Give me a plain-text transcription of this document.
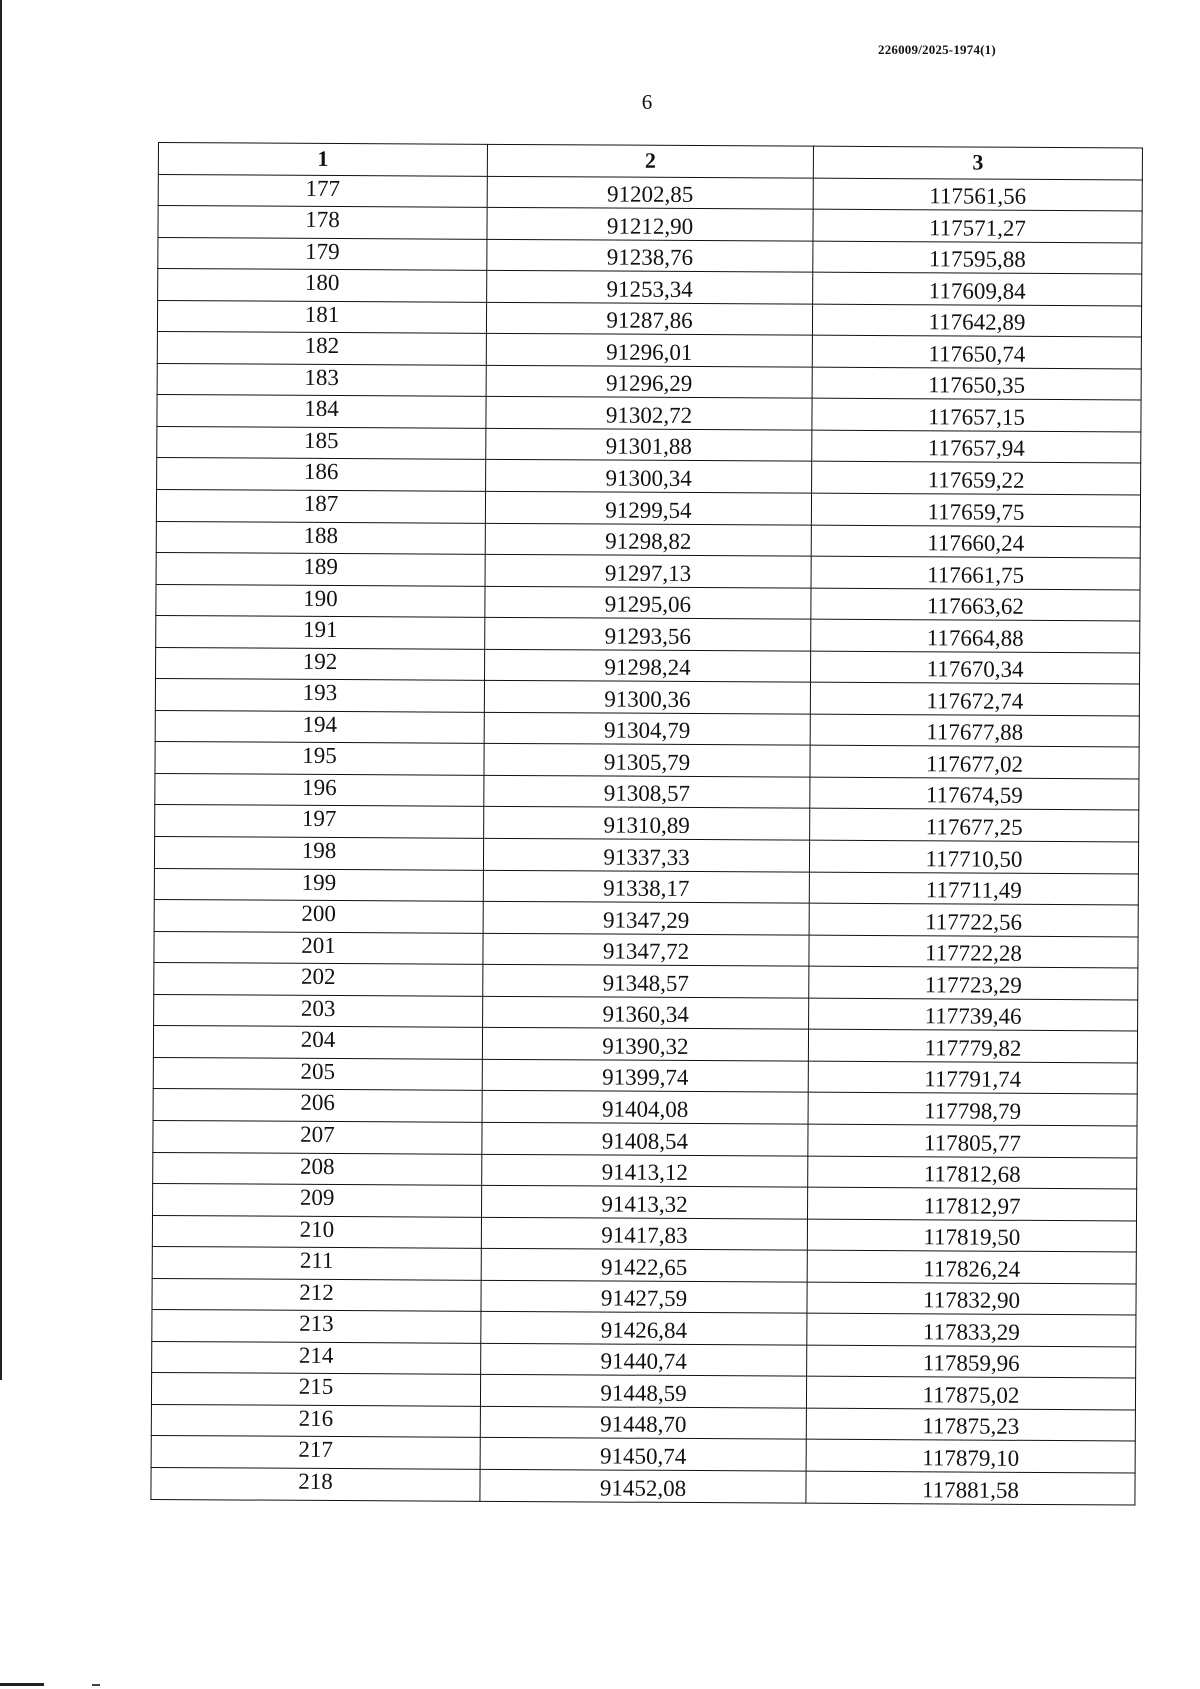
226009/2025-1974(1)
6
1	2	3
177	91202,85	117561,56
178	91212,90	117571,27
179	91238,76	117595,88
180	91253,34	117609,84
181	91287,86	117642,89
182	91296,01	117650,74
183	91296,29	117650,35
184	91302,72	117657,15
185	91301,88	117657,94
186	91300,34	117659,22
187	91299,54	117659,75
188	91298,82	117660,24
189	91297,13	117661,75
190	91295,06	117663,62
191	91293,56	117664,88
192	91298,24	117670,34
193	91300,36	117672,74
194	91304,79	117677,88
195	91305,79	117677,02
196	91308,57	117674,59
197	91310,89	117677,25
198	91337,33	117710,50
199	91338,17	117711,49
200	91347,29	117722,56
201	91347,72	117722,28
202	91348,57	117723,29
203	91360,34	117739,46
204	91390,32	117779,82
205	91399,74	117791,74
206	91404,08	117798,79
207	91408,54	117805,77
208	91413,12	117812,68
209	91413,32	117812,97
210	91417,83	117819,50
211	91422,65	117826,24
212	91427,59	117832,90
213	91426,84	117833,29
214	91440,74	117859,96
215	91448,59	117875,02
216	91448,70	117875,23
217	91450,74	117879,10
218	91452,08	117881,58
